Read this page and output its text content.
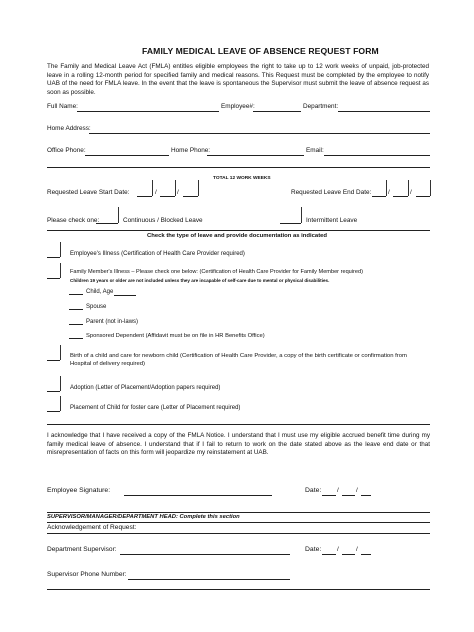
FAMILY MEDICAL LEAVE OF ABSENCE REQUEST FORM
The Family and Medical Leave Act (FMLA) entitles eligible employees the right to take up to 12 work weeks of unpaid, job-protected leave in a rolling 12-month period for specified family and medical reasons. This Request must be completed by the employee to notify UAB of the need for FMLA leave. In the event that the leave is spontaneous the Supervisor must submit the leave of absence request as soon as possible.
Full Name:	Employee#:	Department:
Home Address:
Office Phone:	Home Phone:	Email:
TOTAL 12 WORK WEEKS
Requested Leave Start Date:	/	/	Requested Leave End Date:	/	/
Please check one:	Continuous / Blocked Leave	Intermittent Leave
Check the type of leave and provide documentation as indicated
Employee's Illness (Certification of Health Care Provider required)
Family Member's Illness – Please check one below: (Certification of Health Care Provider for Family Member required)
Children 19 years or older are not included unless they are incapable of self-care due to mental or physical disabilities.
Child, Age
Spouse
Parent (not in-laws)
Sponsored Dependent (Affidavit must be on file in HR Benefits Office)
Birth of a child and care for newborn child (Certification of Health Care Provider, a copy of the birth certificate or confirmation from Hospital of delivery required)
Adoption (Letter of Placement/Adoption papers required)
Placement of Child for foster care (Letter of Placement required)
I acknowledge that I have received a copy of the FMLA Notice. I understand that I must use my eligible accrued benefit time during my family medical leave of absence. I understand that if I fail to return to work on the date stated above as the leave end date or that misrepresentation of facts on this form will jeopardize my reinstatement at UAB.
Employee Signature:	Date: /	/
SUPERVISOR/MANAGER/DEPARTMENT HEAD: Complete this section
Acknowledgement of Request:
Department Supervisor:	Date: /	/
Supervisor Phone Number:
